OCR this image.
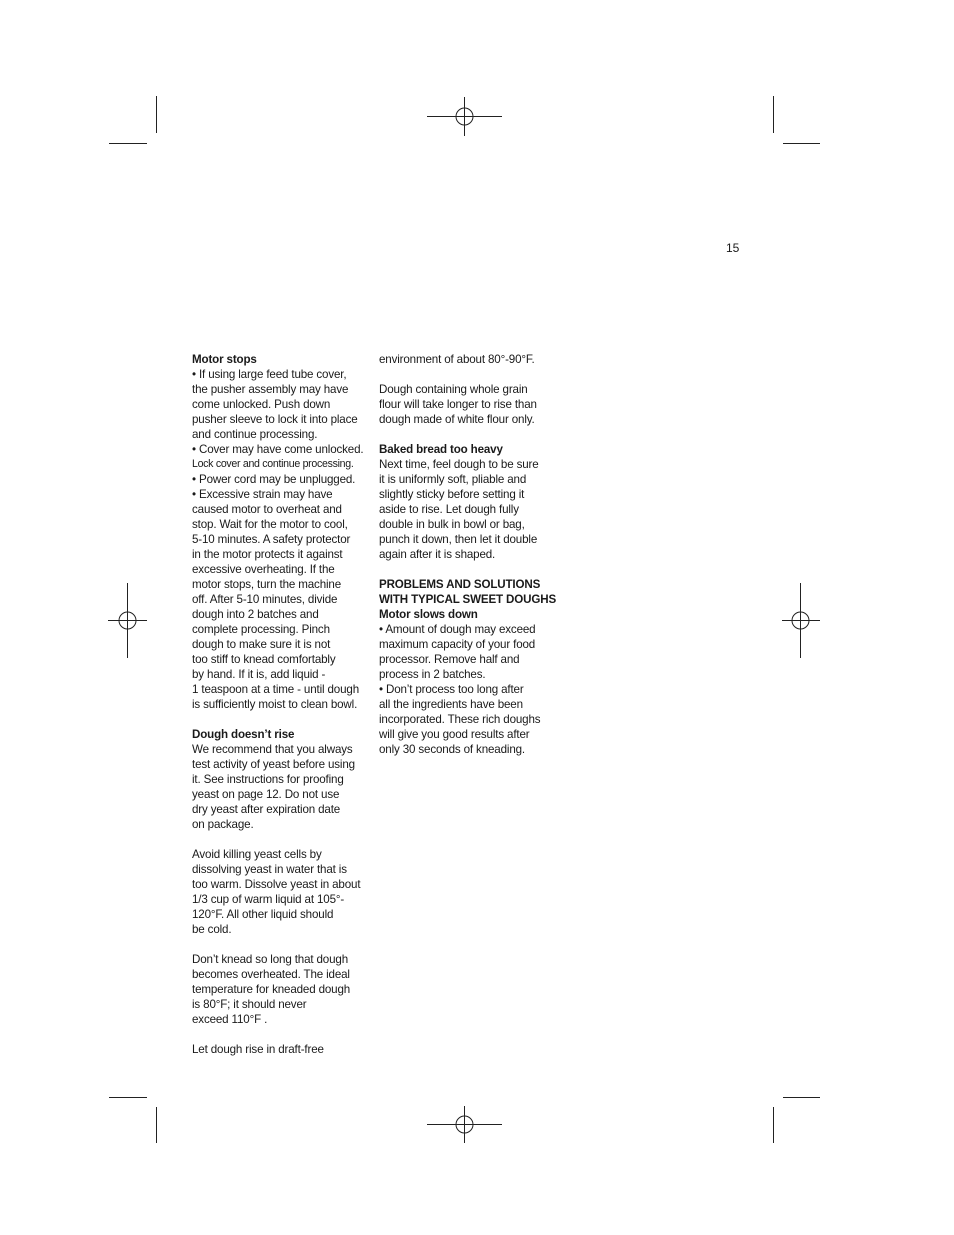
15
Motor stops
• If using large feed tube cover,
the pusher assembly may have
come unlocked. Push down
pusher sleeve to lock it into place
and continue processing.
• Cover may have come unlocked.
Lock cover and continue processing.
• Power cord may be unplugged.
• Excessive strain may have
caused motor to overheat and
stop. Wait for the motor to cool,
5-10 minutes. A safety protector
in the motor protects it against
excessive overheating. If the
motor stops, turn the machine
off. After 5-10 minutes, divide
dough into 2 batches and
complete processing. Pinch
dough to make sure it is not
too stiff to knead comfortably
by hand. If it is, add liquid -
1 teaspoon at a time - until dough
is sufficiently moist to clean bowl.
Dough doesn’t rise
We recommend that you always
test activity of yeast before using
it. See instructions for proofing
yeast on page 12. Do not use
dry yeast after expiration date
on package.
Avoid killing yeast cells by
dissolving yeast in water that is
too warm. Dissolve yeast in about
1/3 cup of warm liquid at 105°-
120°F. All other liquid should
be cold.
Don’t knead so long that dough
becomes overheated. The ideal
temperature for kneaded dough
is 80°F; it should never
exceed 110°F .
Let dough rise in draft-free
environment of about 80°-90°F.
Dough containing whole grain
flour will take longer to rise than
dough made of white flour only.
Baked bread too heavy
Next time, feel dough to be sure
it is uniformly soft, pliable and
slightly sticky before setting it
aside to rise. Let dough fully
double in bulk in bowl or bag,
punch it down, then let it double
again after it is shaped.
PROBLEMS AND SOLUTIONS
WITH TYPICAL SWEET DOUGHS
Motor slows down
• Amount of dough may exceed
maximum capacity of your food
processor. Remove half and
process in 2 batches.
• Don’t process too long after
all the ingredients have been
incorporated. These rich doughs
will give you good results after
only 30 seconds of kneading.
